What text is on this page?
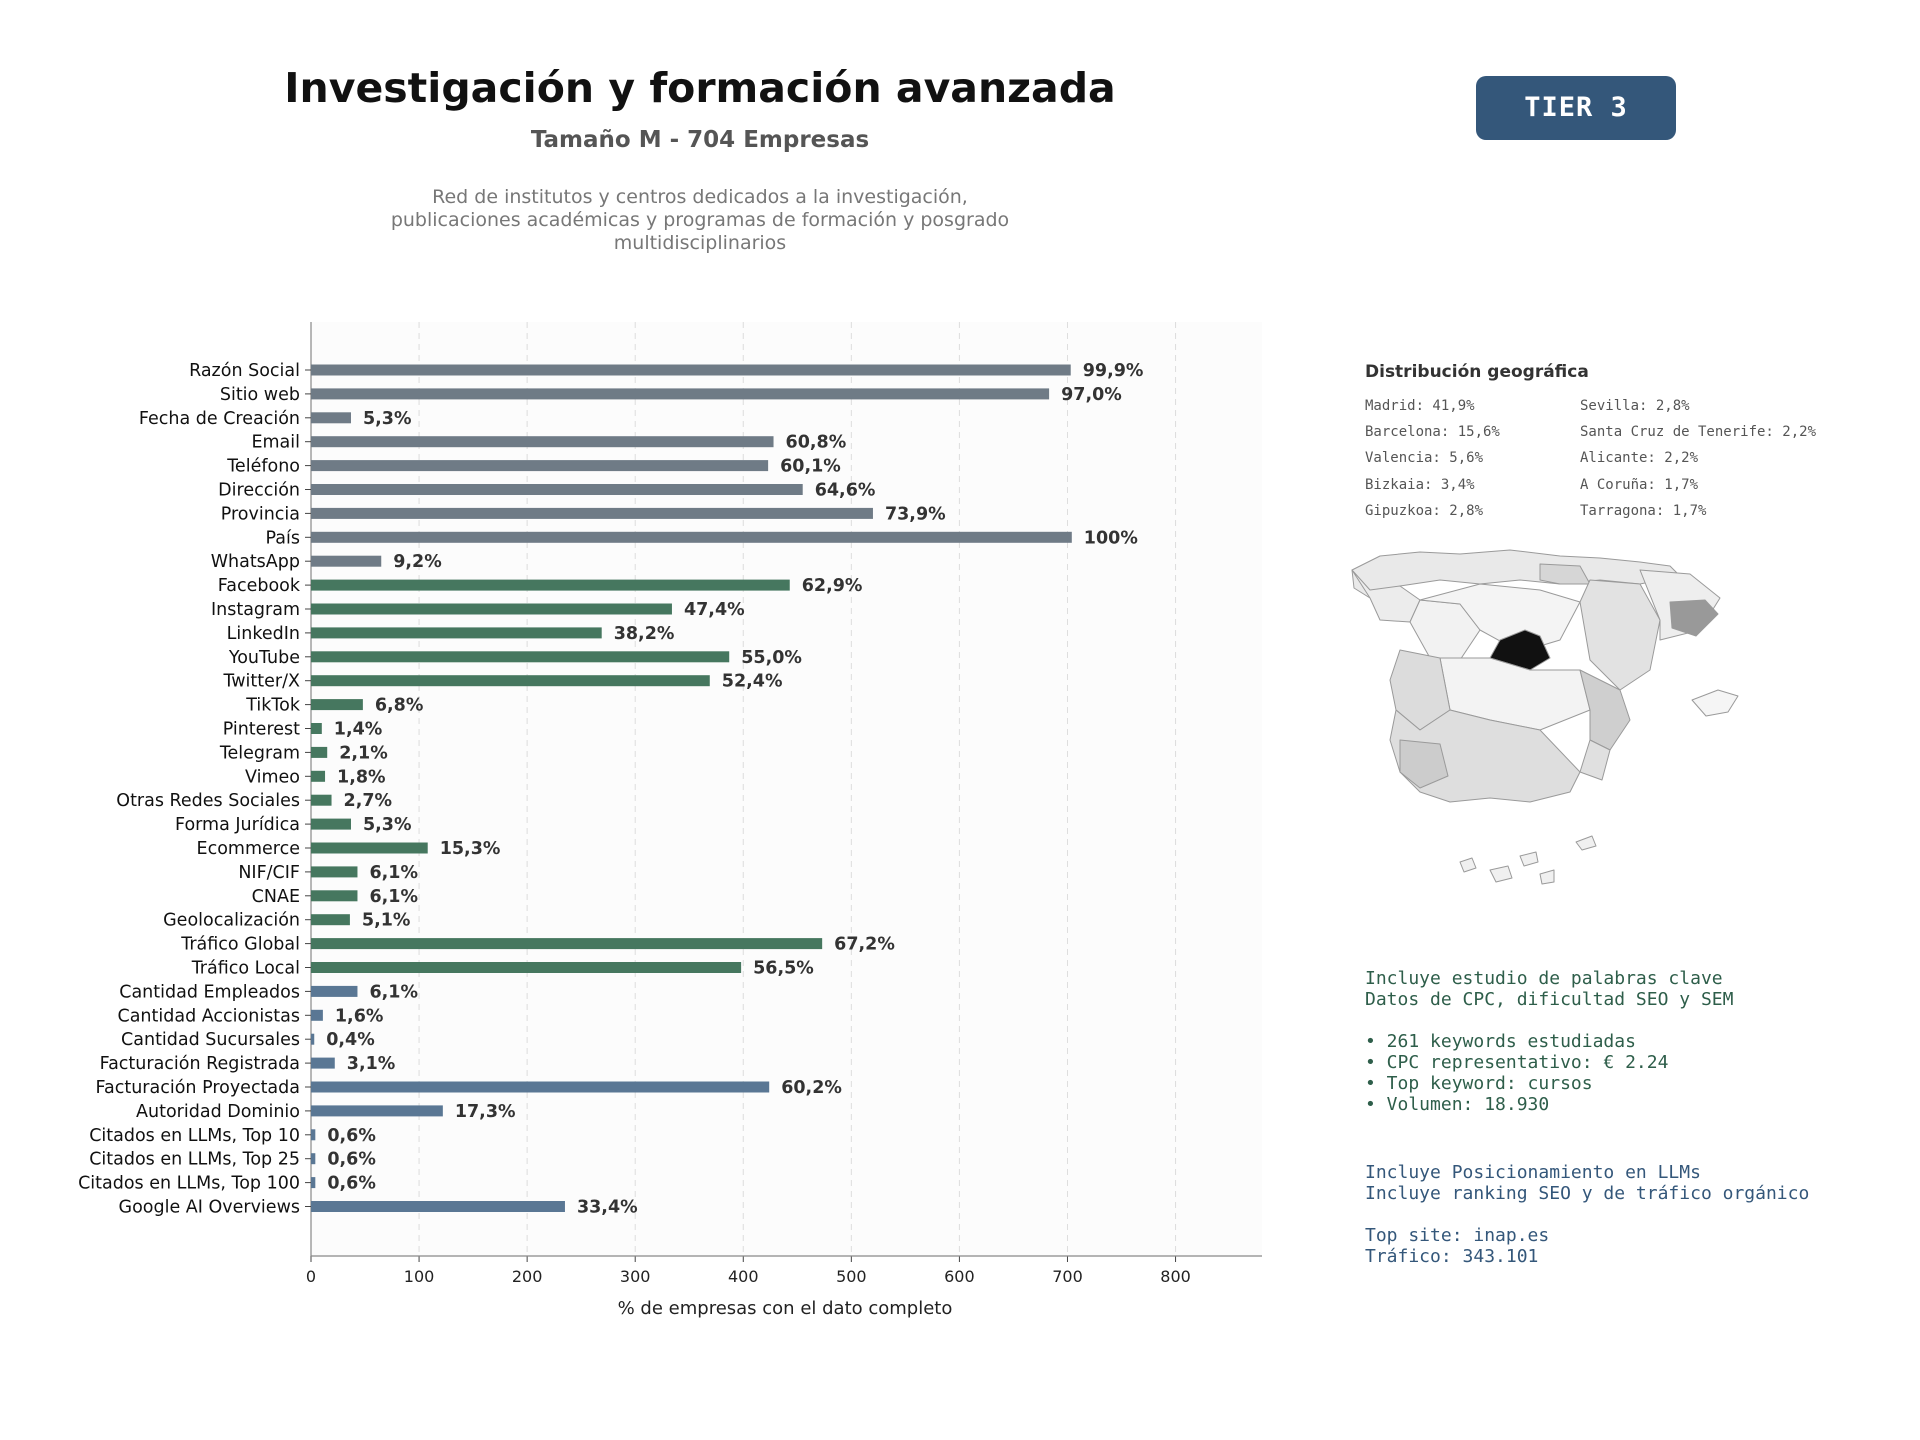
Investigación y formación avanzada
Tamaño M - 704 Empresas
Red de institutos y centros dedicados a la investigación,
publicaciones académicas y programas de formación y posgrado
multidisciplinarios
TIER 3
0	100	200	300	400	500	600	700	800
Razón Social	99,9%
Sitio web	97,0%
Fecha de Creación	5,3%
Email	60,8%
Teléfono	60,1%
Dirección	64,6%
Provincia	73,9%
País	100%
WhatsApp	9,2%
Facebook	62,9%
Instagram	47,4%
LinkedIn	38,2%
YouTube	55,0%
Twitter/X	52,4%
TikTok	6,8%
Pinterest 1,4%
Telegram 2,1%
Vimeo 1,8%
Otras Redes Sociales 2,7%
Forma Jurídica	5,3%
Ecommerce	15,3%
NIF/CIF	6,1%
CNAE	6,1%
Geolocalización	5,1%
Tráfico Global	67,2%
Tráfico Local	56,5%
Cantidad Empleados	6,1%
Cantidad Accionistas 1,6%
Cantidad Sucursales 0,4%
Facturación Registrada	3,1%
Facturación Proyectada	60,2%
Autoridad Dominio	17,3%
Citados en LLMs, Top 10 0,6%
Citados en LLMs, Top 25 0,6%
Citados en LLMs, Top 100 0,6%
Google AI Overviews	33,4%
% de empresas con el dato completo
Distribución geográfica
Madrid: 41,9%
Barcelona: 15,6%
Valencia: 5,6%
Bizkaia: 3,4%
Gipuzkoa: 2,8%
Sevilla: 2,8%
Santa Cruz de Tenerife: 2,2%
Alicante: 2,2%
A Coruña: 1,7%
Tarragona: 1,7%
Incluye estudio de palabras clave
Datos de CPC, dificultad SEO y SEM
• 261 keywords estudiadas
• CPC representativo: € 2.24
• Top keyword: cursos
• Volumen: 18.930
Incluye Posicionamiento en LLMs
Incluye ranking SEO y de tráfico orgánico
Top site: inap.es
Tráfico: 343.101
